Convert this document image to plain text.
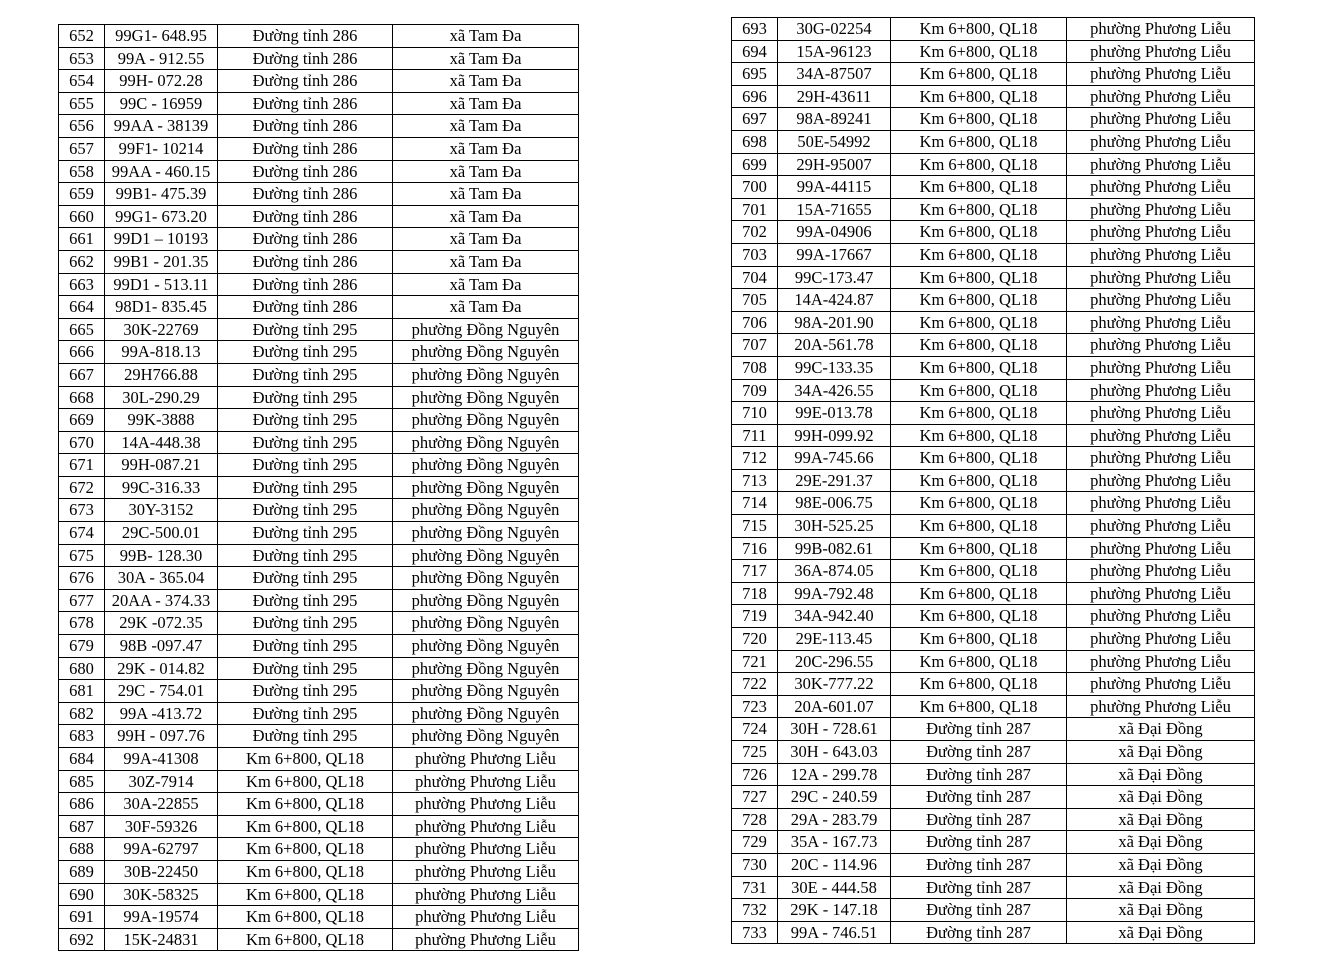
652	99G1- 648.95	Đường tỉnh 286	xã Tam Đa
653	99A - 912.55	Đường tỉnh 286	xã Tam Đa
654	99H- 072.28	Đường tỉnh 286	xã Tam Đa
655	99C - 16959	Đường tỉnh 286	xã Tam Đa
656	99AA - 38139	Đường tỉnh 286	xã Tam Đa
657	99F1- 10214	Đường tỉnh 286	xã Tam Đa
658	99AA - 460.15	Đường tỉnh 286	xã Tam Đa
659	99B1- 475.39	Đường tỉnh 286	xã Tam Đa
660	99G1- 673.20	Đường tỉnh 286	xã Tam Đa
661	99D1 – 10193	Đường tỉnh 286	xã Tam Đa
662	99B1 - 201.35	Đường tỉnh 286	xã Tam Đa
663	99D1 - 513.11	Đường tỉnh 286	xã Tam Đa
664	98D1- 835.45	Đường tỉnh 286	xã Tam Đa
665	30K-22769	Đường tỉnh 295	phường Đồng Nguyên
666	99A-818.13	Đường tỉnh 295	phường Đồng Nguyên
667	29H766.88	Đường tỉnh 295	phường Đồng Nguyên
668	30L-290.29	Đường tỉnh 295	phường Đồng Nguyên
669	99K-3888	Đường tỉnh 295	phường Đồng Nguyên
670	14A-448.38	Đường tỉnh 295	phường Đồng Nguyên
671	99H-087.21	Đường tỉnh 295	phường Đồng Nguyên
672	99C-316.33	Đường tỉnh 295	phường Đồng Nguyên
673	30Y-3152	Đường tỉnh 295	phường Đồng Nguyên
674	29C-500.01	Đường tỉnh 295	phường Đồng Nguyên
675	99B- 128.30	Đường tỉnh 295	phường Đồng Nguyên
676	30A - 365.04	Đường tỉnh 295	phường Đồng Nguyên
677	20AA - 374.33	Đường tỉnh 295	phường Đồng Nguyên
678	29K -072.35	Đường tỉnh 295	phường Đồng Nguyên
679	98B -097.47	Đường tỉnh 295	phường Đồng Nguyên
680	29K - 014.82	Đường tỉnh 295	phường Đồng Nguyên
681	29C - 754.01	Đường tỉnh 295	phường Đồng Nguyên
682	99A -413.72	Đường tỉnh 295	phường Đồng Nguyên
683	99H - 097.76	Đường tỉnh 295	phường Đồng Nguyên
684	99A-41308	Km 6+800, QL18	phường Phương Liễu
685	30Z-7914	Km 6+800, QL18	phường Phương Liễu
686	30A-22855	Km 6+800, QL18	phường Phương Liễu
687	30F-59326	Km 6+800, QL18	phường Phương Liễu
688	99A-62797	Km 6+800, QL18	phường Phương Liễu
689	30B-22450	Km 6+800, QL18	phường Phương Liễu
690	30K-58325	Km 6+800, QL18	phường Phương Liễu
691	99A-19574	Km 6+800, QL18	phường Phương Liễu
692	15K-24831	Km 6+800, QL18	phường Phương Liễu
693	30G-02254	Km 6+800, QL18	phường Phương Liễu
694	15A-96123	Km 6+800, QL18	phường Phương Liễu
695	34A-87507	Km 6+800, QL18	phường Phương Liễu
696	29H-43611	Km 6+800, QL18	phường Phương Liễu
697	98A-89241	Km 6+800, QL18	phường Phương Liễu
698	50E-54992	Km 6+800, QL18	phường Phương Liễu
699	29H-95007	Km 6+800, QL18	phường Phương Liễu
700	99A-44115	Km 6+800, QL18	phường Phương Liễu
701	15A-71655	Km 6+800, QL18	phường Phương Liễu
702	99A-04906	Km 6+800, QL18	phường Phương Liễu
703	99A-17667	Km 6+800, QL18	phường Phương Liễu
704	99C-173.47	Km 6+800, QL18	phường Phương Liễu
705	14A-424.87	Km 6+800, QL18	phường Phương Liễu
706	98A-201.90	Km 6+800, QL18	phường Phương Liễu
707	20A-561.78	Km 6+800, QL18	phường Phương Liễu
708	99C-133.35	Km 6+800, QL18	phường Phương Liễu
709	34A-426.55	Km 6+800, QL18	phường Phương Liễu
710	99E-013.78	Km 6+800, QL18	phường Phương Liễu
711	99H-099.92	Km 6+800, QL18	phường Phương Liễu
712	99A-745.66	Km 6+800, QL18	phường Phương Liễu
713	29E-291.37	Km 6+800, QL18	phường Phương Liễu
714	98E-006.75	Km 6+800, QL18	phường Phương Liễu
715	30H-525.25	Km 6+800, QL18	phường Phương Liễu
716	99B-082.61	Km 6+800, QL18	phường Phương Liễu
717	36A-874.05	Km 6+800, QL18	phường Phương Liễu
718	99A-792.48	Km 6+800, QL18	phường Phương Liễu
719	34A-942.40	Km 6+800, QL18	phường Phương Liễu
720	29E-113.45	Km 6+800, QL18	phường Phương Liễu
721	20C-296.55	Km 6+800, QL18	phường Phương Liễu
722	30K-777.22	Km 6+800, QL18	phường Phương Liễu
723	20A-601.07	Km 6+800, QL18	phường Phương Liễu
724	30H - 728.61	Đường tỉnh 287	xã Đại Đồng
725	30H - 643.03	Đường tỉnh 287	xã Đại Đồng
726	12A - 299.78	Đường tỉnh 287	xã Đại Đồng
727	29C - 240.59	Đường tỉnh 287	xã Đại Đồng
728	29A - 283.79	Đường tỉnh 287	xã Đại Đồng
729	35A - 167.73	Đường tỉnh 287	xã Đại Đồng
730	20C - 114.96	Đường tỉnh 287	xã Đại Đồng
731	30E - 444.58	Đường tỉnh 287	xã Đại Đồng
732	29K - 147.18	Đường tỉnh 287	xã Đại Đồng
733	99A - 746.51	Đường tỉnh 287	xã Đại Đồng
